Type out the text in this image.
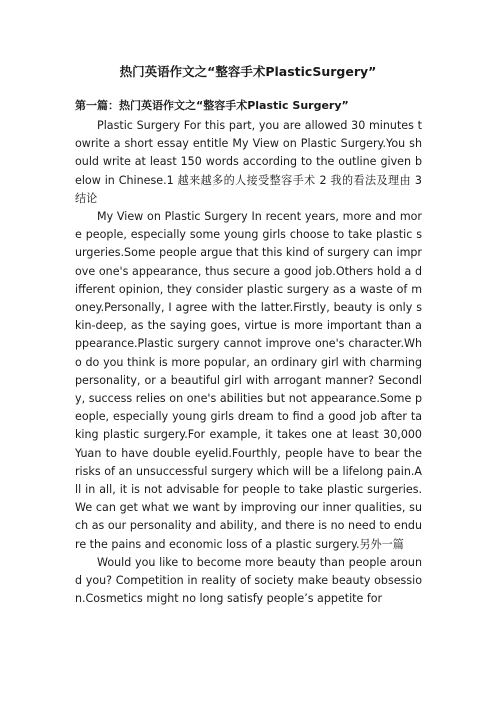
热门英语作文之“整容手术PlasticSurgery”
第一篇：热门英语作文之“整容手术Plastic Surgery”

Plastic Surgery For this part, you are allowed 30 minutes towrite a short essay entitle My View on Plastic Surgery.You should write at least 150 words according to the outline given below in Chinese.1 越来越多的人接受整容手术 2 我的看法及理由 3 结论

My View on Plastic Surgery In recent years, more and more people, especially some young girls choose to take plastic surgeries.Some people argue that this kind of surgery can improve one's appearance, thus secure a good job.Others hold a different opinion, they consider plastic surgery as a waste of money.Personally, I agree with the latter.Firstly, beauty is only skin-deep, as the saying goes, virtue is more important than appearance.Plastic surgery cannot improve one's character.Who do you think is more popular, an ordinary girl with charming personality, or a beautiful girl with arrogant manner? Secondly, success relies on one's abilities but not appearance.Some people, especially young girls dream to find a good job after taking plastic surgery.For example, it takes one at least 30,000 Yuan to have double eyelid.Fourthly, people have to bear the risks of an unsuccessful surgery which will be a lifelong pain.All in all, it is not advisable for people to take plastic surgeries.We can get what we want by improving our inner qualities, such as our personality and ability, and there is no need to endure the pains and economic loss of a plastic surgery.另外一篇

Would you like to become more beauty than people around you? Competition in reality of society make beauty obsession.Cosmetics might no long satisfy people’s appetite for
